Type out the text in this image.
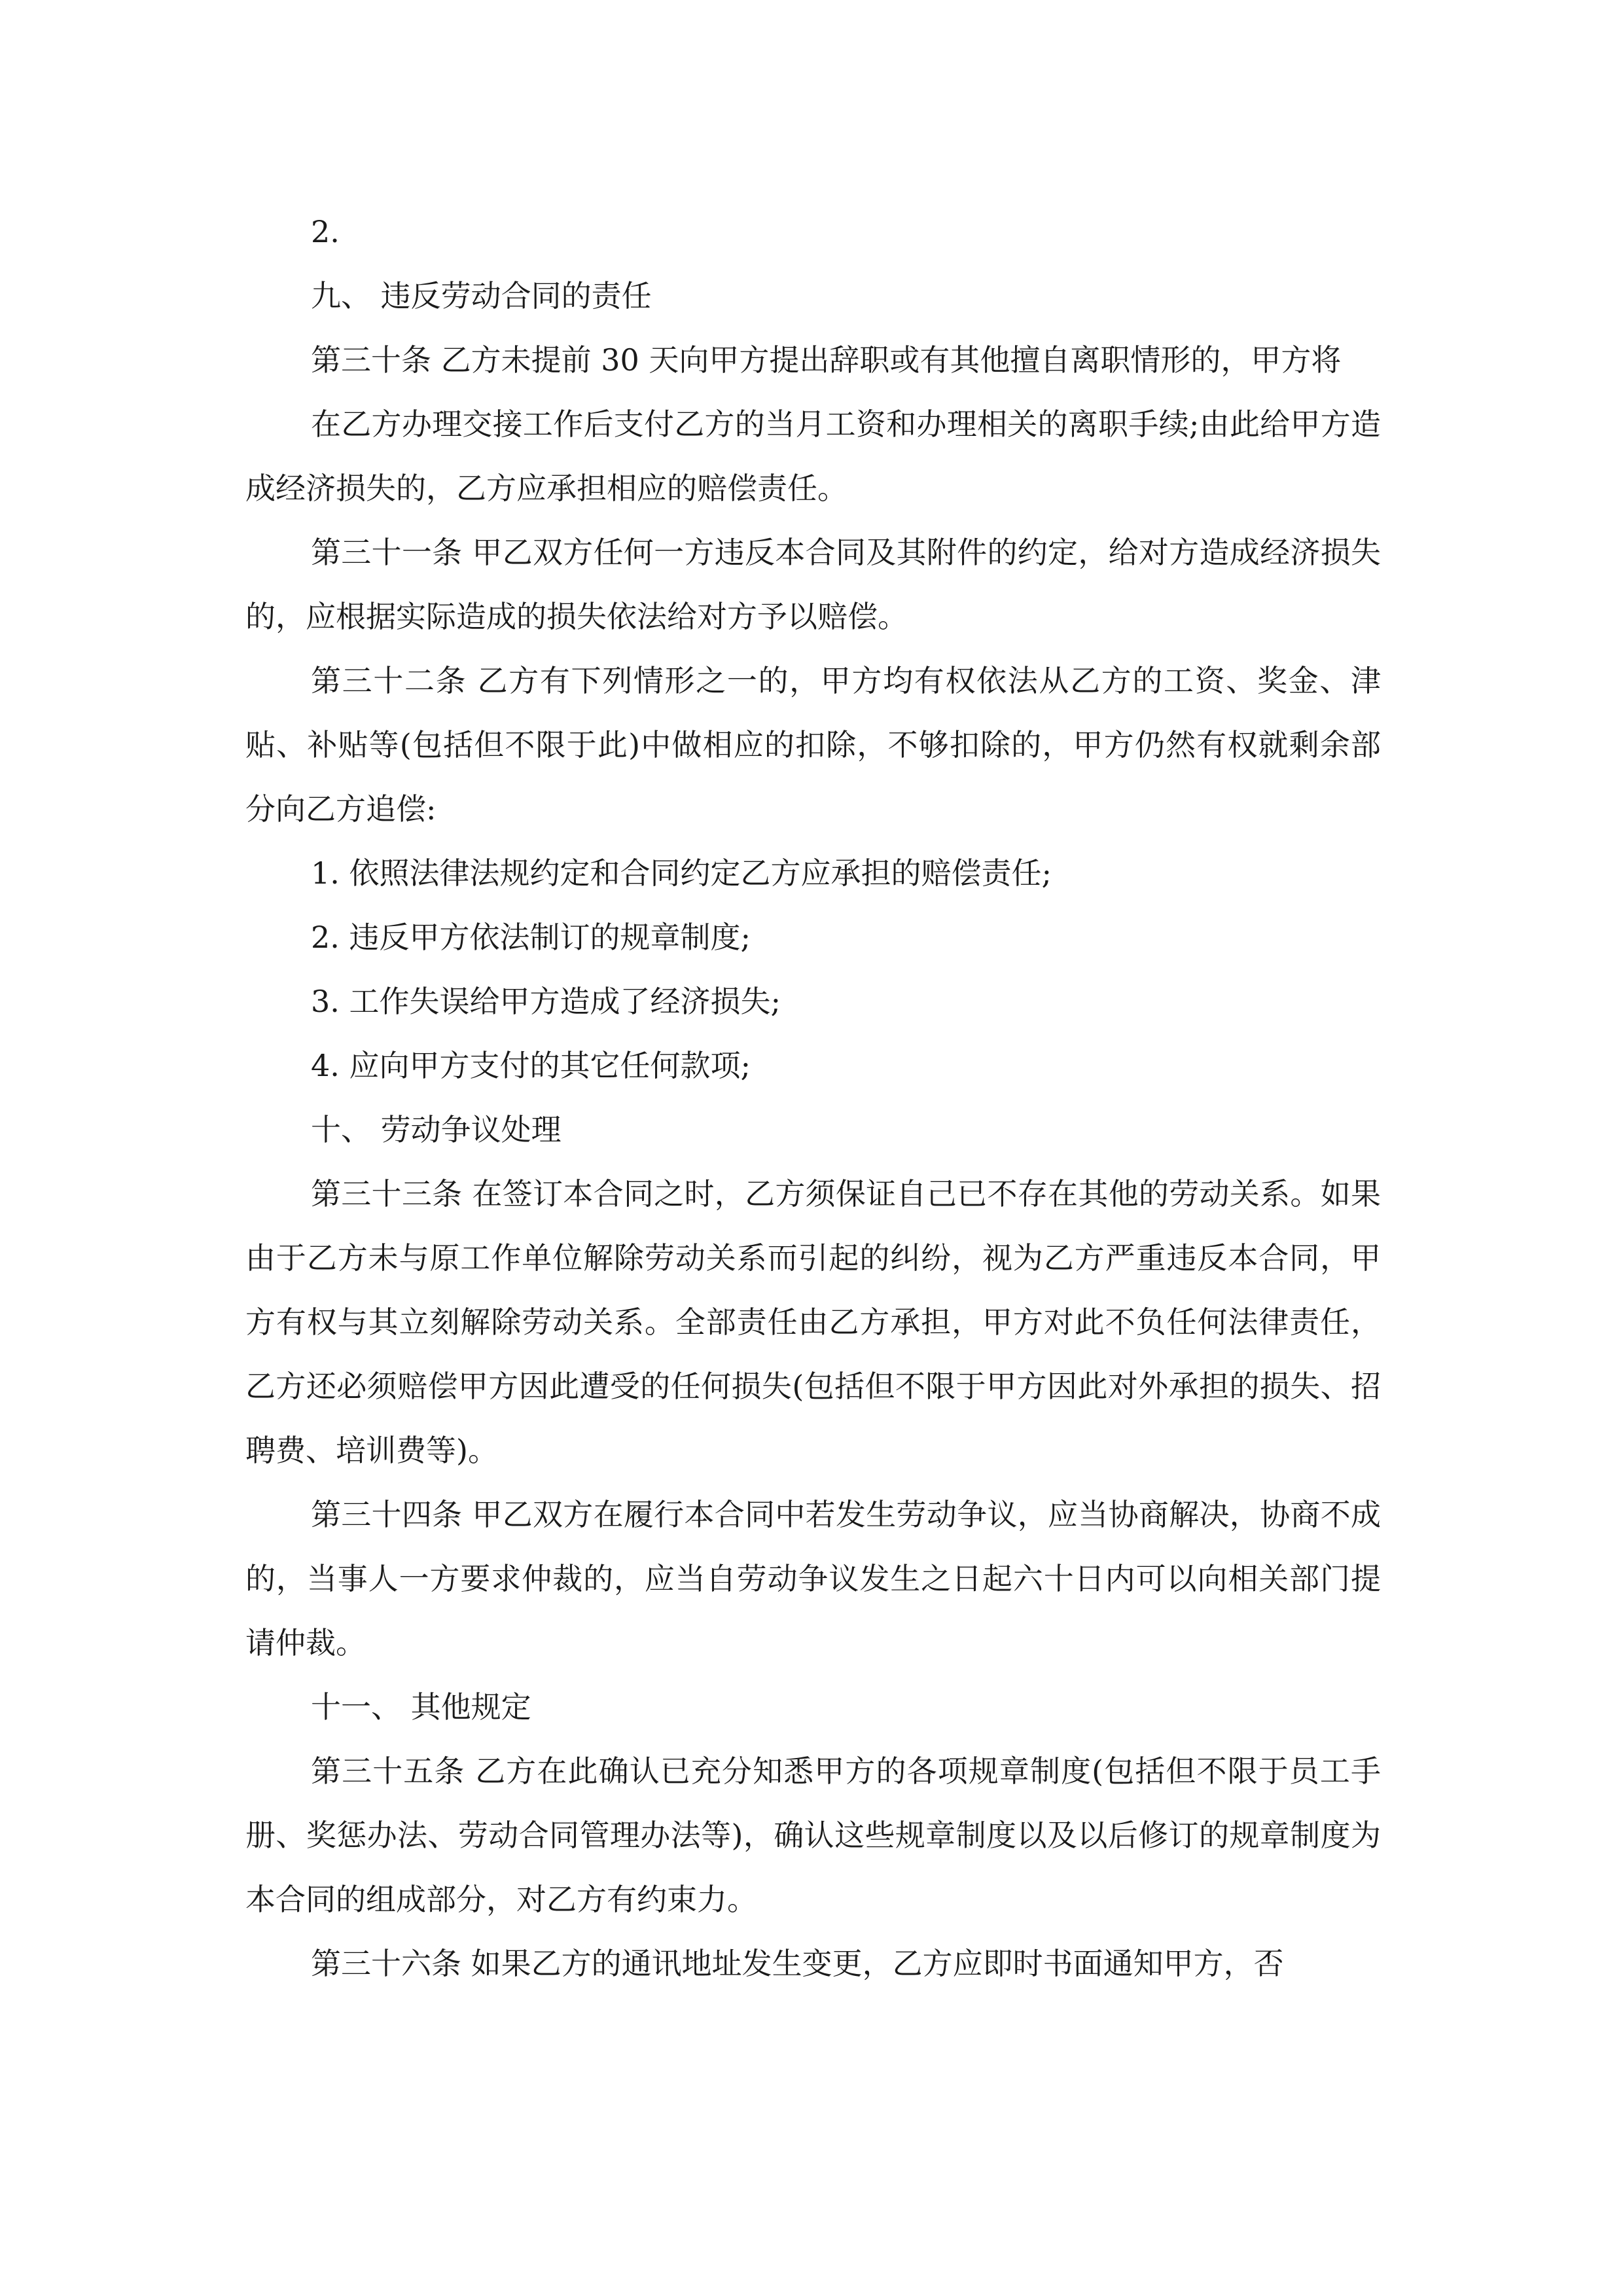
2.

九、 违反劳动合同的责任

第三十条 乙方未提前 30 天向甲方提出辞职或有其他擅自离职情形的，甲方将

在乙方办理交接工作后支付乙方的当月工资和办理相关的离职手续;由此给甲方造成经济损失的，乙方应承担相应的赔偿责任。

第三十一条 甲乙双方任何一方违反本合同及其附件的约定，给对方造成经济损失 的，应根据实际造成的损失依法给对方予以赔偿。

第三十二条 乙方有下列情形之一的，甲方均有权依法从乙方的工资、奖金、津贴、补贴等(包括但不限于此)中做相应的扣除，不够扣除的，甲方仍然有权就剩余部分向乙方追偿:

1. 依照法律法规约定和合同约定乙方应承担的赔偿责任;

2. 违反甲方依法制订的规章制度;

3. 工作失误给甲方造成了经济损失;

4. 应向甲方支付的其它任何款项;

十、 劳动争议处理

第三十三条 在签订本合同之时，乙方须保证自己已不存在其他的劳动关系。如果由于乙方未与原工作单位解除劳动关系而引起的纠纷，视为乙方严重违反本合同，甲方有权与其立刻解除劳动关系。全部责任由乙方承担，甲方对此不负任何法律责任，乙方还必须赔偿甲方因此遭受的任何损失(包括但不限于甲方因此对外承担的损失、招聘费、培训费等)。

第三十四条 甲乙双方在履行本合同中若发生劳动争议，应当协商解决，协商不成 的，当事人一方要求仲裁的，应当自劳动争议发生之日起六十日内可以向相关部门提请仲裁。

十一、 其他规定

第三十五条 乙方在此确认已充分知悉甲方的各项规章制度(包括但不限于员工手 册、奖惩办法、劳动合同管理办法等)，确认这些规章制度以及以后修订的规章制度为本合同的组成部分，对乙方有约束力。

第三十六条 如果乙方的通讯地址发生变更，乙方应即时书面通知甲方，否
